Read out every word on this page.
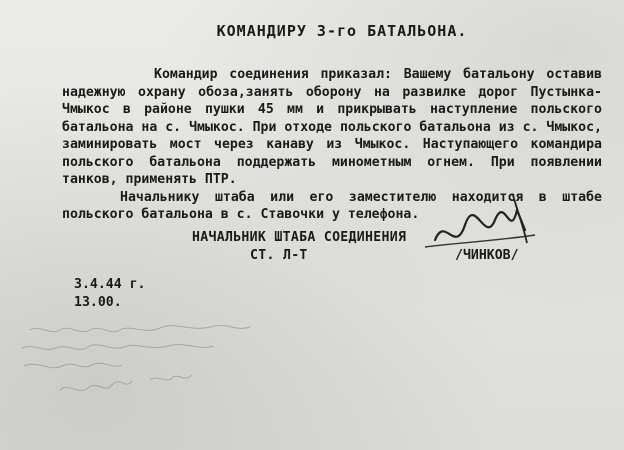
КОМАНДИРУ 3-го БАТАЛЬОНА.

Командир соединения приказал: Вашему батальону оставив надежную охрану обоза,занять оборону на развилке дорог Пустынка-Чмыкос в районе пушки 45 мм и прикрывать наступление польского батальона на с. Чмыкос. При отходе польского батальона из с. Чмыкос, заминировать мост через канаву из Чмыкос. Наступающего командира польского батальона поддержать минометным огнем. При появлении танков, применять ПТР.

Начальнику штаба или его заместителю находится в штабе польского батальона в с. Ставочки у телефона.

НАЧАЛЬНИК ШТАБА СОЕДИНЕНИЯ
СТ. Л-Т	/ЧИНКОВ/
3.4.44 г.
13.00.
